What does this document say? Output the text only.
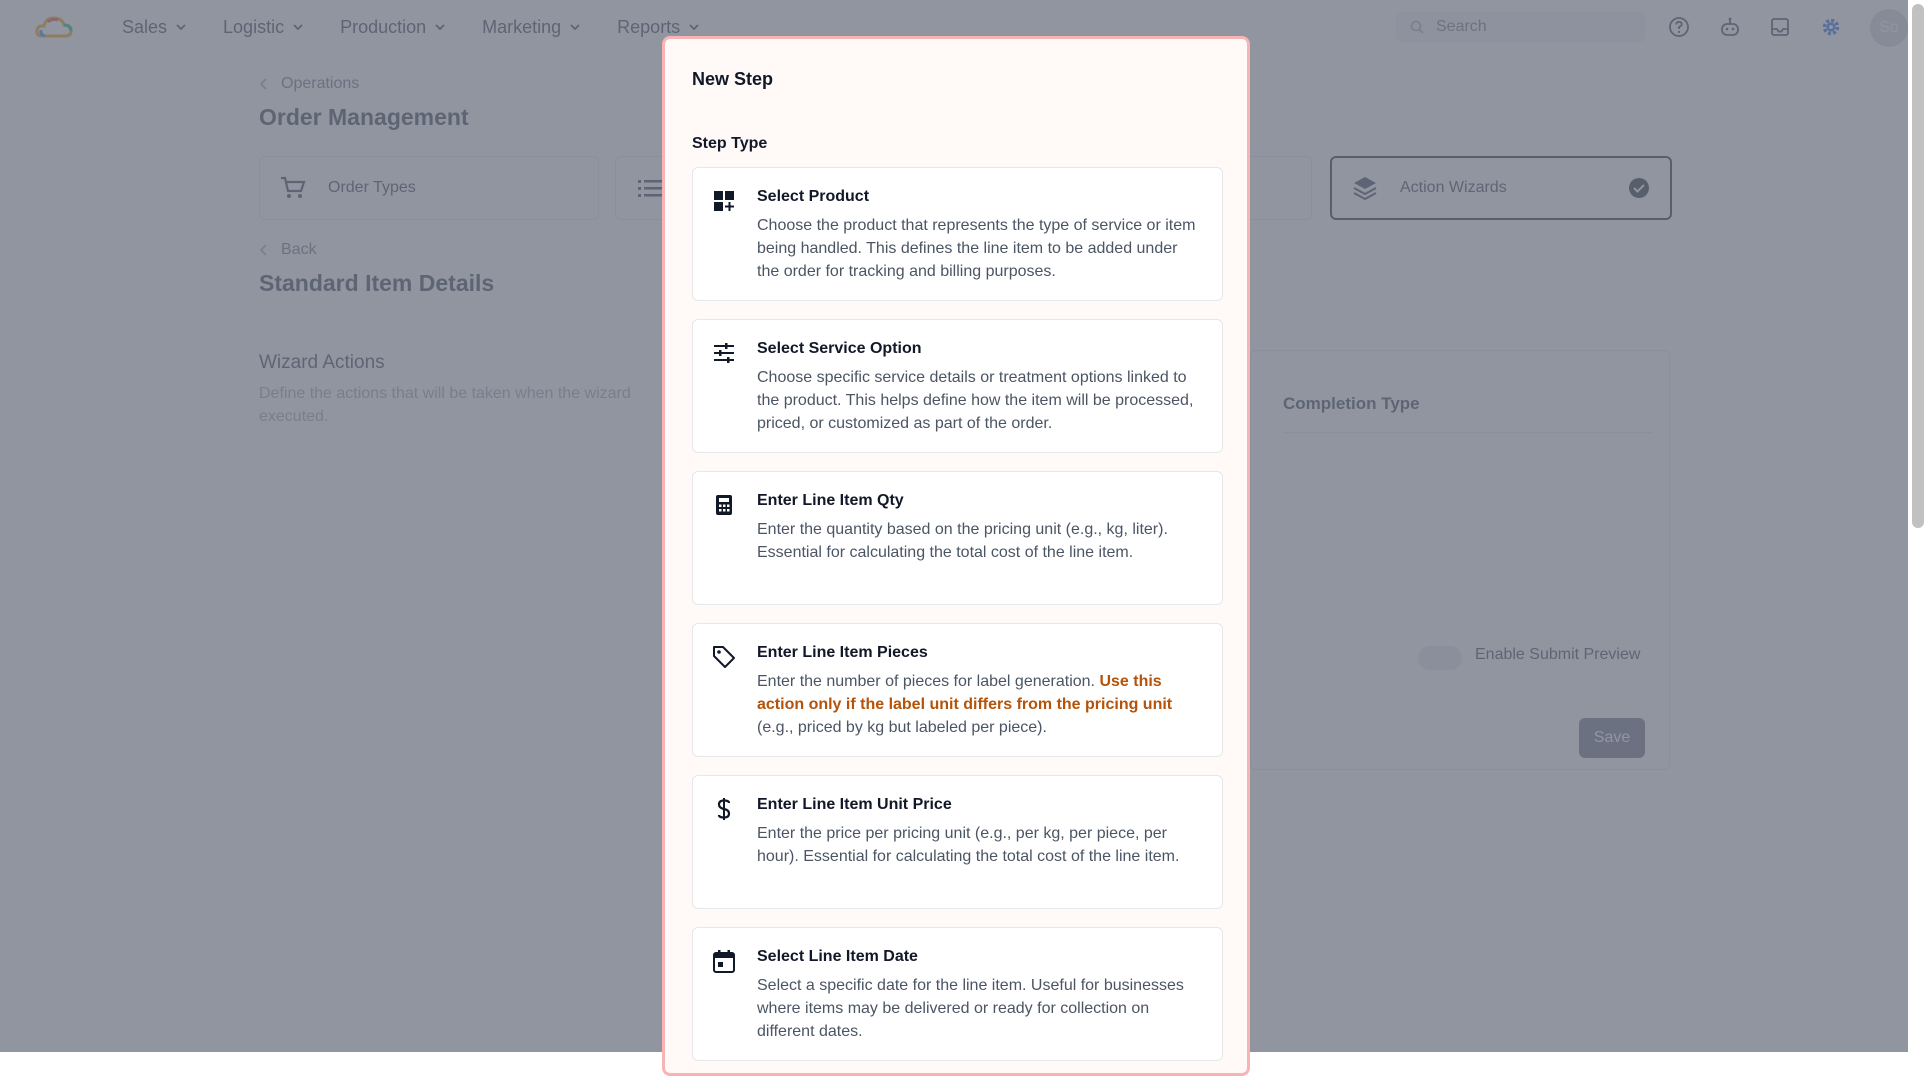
Search
New Step
Step Type
Select Product
Choose the product that represents the type of service or item being handled. This defines the line item to be added under the order for tracking and billing purposes.
Select Service Option
Choose specific service details or treatment options linked to the product. This helps define how the item will be processed, priced, or customized as part of the order.
Enter Line Item Qty
Enter the quantity based on the pricing unit (e.g., kg, liter). Essential for calculating the total cost of the line item.
Enter Line Item Pieces
Enter the number of pieces for label generation. Use this action only if the label unit differs from the pricing unit (e.g., priced by kg but labeled per piece).
Enter Line Item Unit Price
Enter the price per pricing unit (e.g., per kg, per piece, per hour). Essential for calculating the total cost of the line item.
Select Line Item Date
Select a specific date for the line item. Useful for businesses where items may be delivered or ready for collection on different dates.
